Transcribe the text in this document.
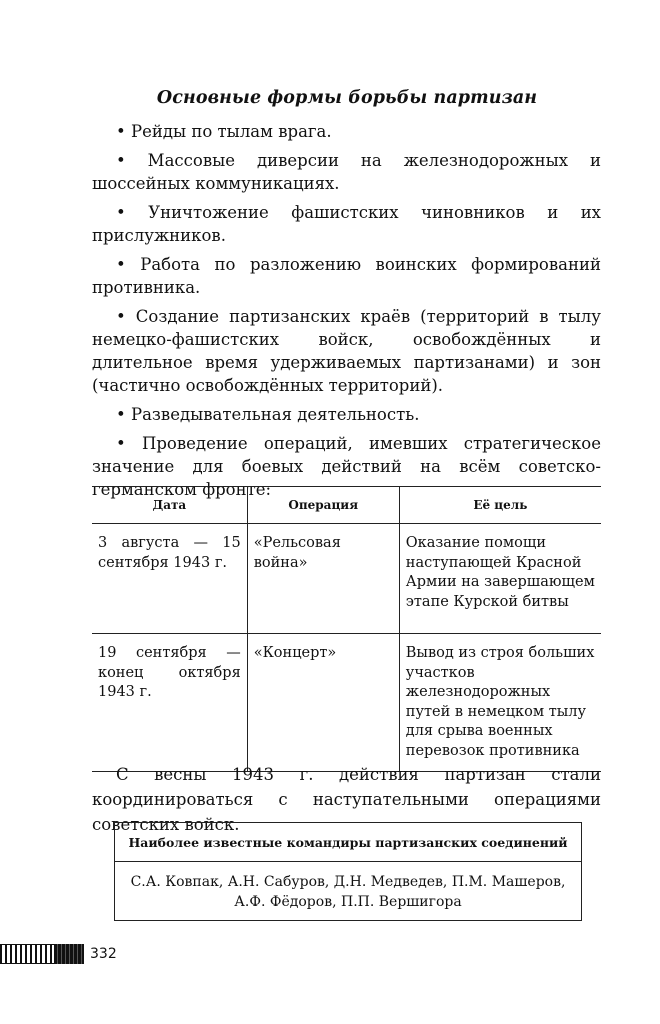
Основные формы борьбы партизан
• Рейды по тылам врага.
• Массовые диверсии на железнодорожных и шоссейных коммуникациях.
• Уничтожение фашистских чиновников и их прислужников.
• Работа по разложению воинских формирований противника.
• Создание партизанских краёв (территорий в тылу немецко-фашистских войск, освобождённых и длительное время удерживаемых партизанами) и зон (частично освобождённых территорий).
• Разведывательная деятельность.
• Проведение операций, имевших стратегическое значение для боевых действий на всём советско-германском фронте:
Дата	Операция	Её цель
3 августа — 15 сентября 1943 г.	«Рельсовая война»	Оказание помощи наступающей Красной Армии на завершающем этапе Курской битвы
19 сентября — конец октября 1943 г.	«Концерт»	Вывод из строя больших участков железнодорожных путей в немецком тылу для срыва военных перевозок противника
С весны 1943 г. действия партизан стали координироваться с наступательными операциями советских войск.
Наиболее известные командиры партизанских соединений
С.А. Ковпак, А.Н. Сабуров, Д.Н. Медведев, П.М. Машеров, А.Ф. Фёдоров, П.П. Вершигора
332
